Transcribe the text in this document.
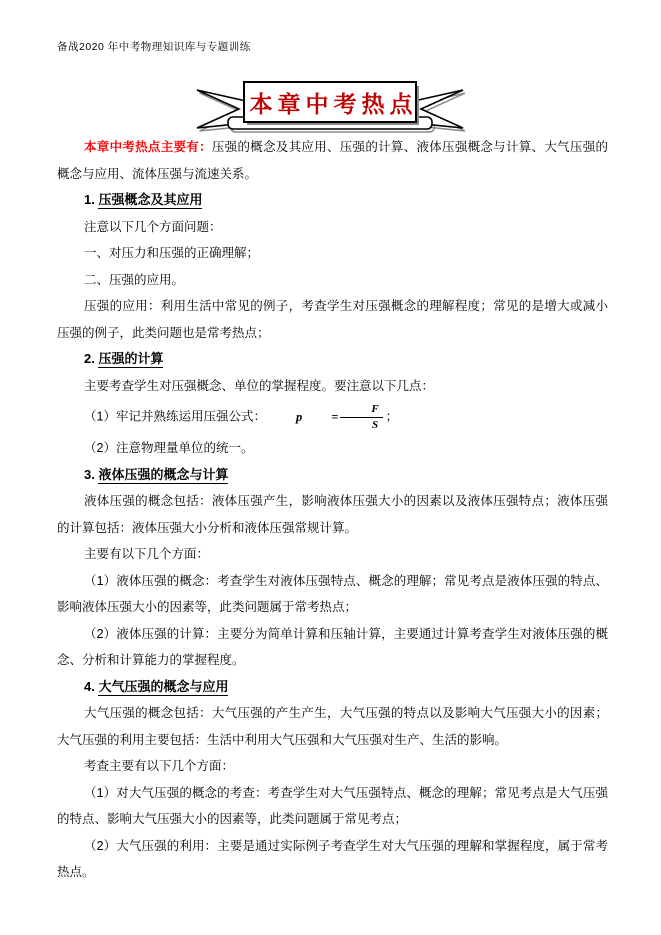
备战2020 年中考物理知识库与专题训练
本章中考热点

本章中考热点主要有：压强的概念及其应用、压强的计算、液体压强概念与计算、大气压强的概念与应用、流体压强与流速关系。

1. 压强概念及其应用

注意以下几个方面问题：

一、对压力和压强的正确理解；

二、压强的应用。

压强的应用：利用生活中常见的例子，考查学生对压强概念的理解程度；常见的是增大或减小压强的例子，此类问题也是常考热点；

2. 压强的计算

主要考查学生对压强概念、单位的掌握程度。要注意以下几点：

（1）牢记并熟练运用压强公式：	p	= $\frac{F}{S}$ ；

（2）注意物理量单位的统一。

3. 液体压强的概念与计算

液体压强的概念包括：液体压强产生，影响液体压强大小的因素以及液体压强特点；液体压强的计算包括：液体压强大小分析和液体压强常规计算。

主要有以下几个方面：

（1）液体压强的概念：考查学生对液体压强特点、概念的理解；常见考点是液体压强的特点、影响液体压强大小的因素等，此类问题属于常考热点；

（2）液体压强的计算：主要分为简单计算和压轴计算，主要通过计算考查学生对液体压强的概念、分析和计算能力的掌握程度。

4. 大气压强的概念与应用

大气压强的概念包括：大气压强的产生产生，大气压强的特点以及影响大气压强大小的因素；大气压强的利用主要包括：生活中利用大气压强和大气压强对生产、生活的影响。

考查主要有以下几个方面：

（1）对大气压强的概念的考查：考查学生对大气压强特点、概念的理解；常见考点是大气压强的特点、影响大气压强大小的因素等，此类问题属于常见考点；

（2）大气压强的利用：主要是通过实际例子考查学生对大气压强的理解和掌握程度，属于常考热点。
